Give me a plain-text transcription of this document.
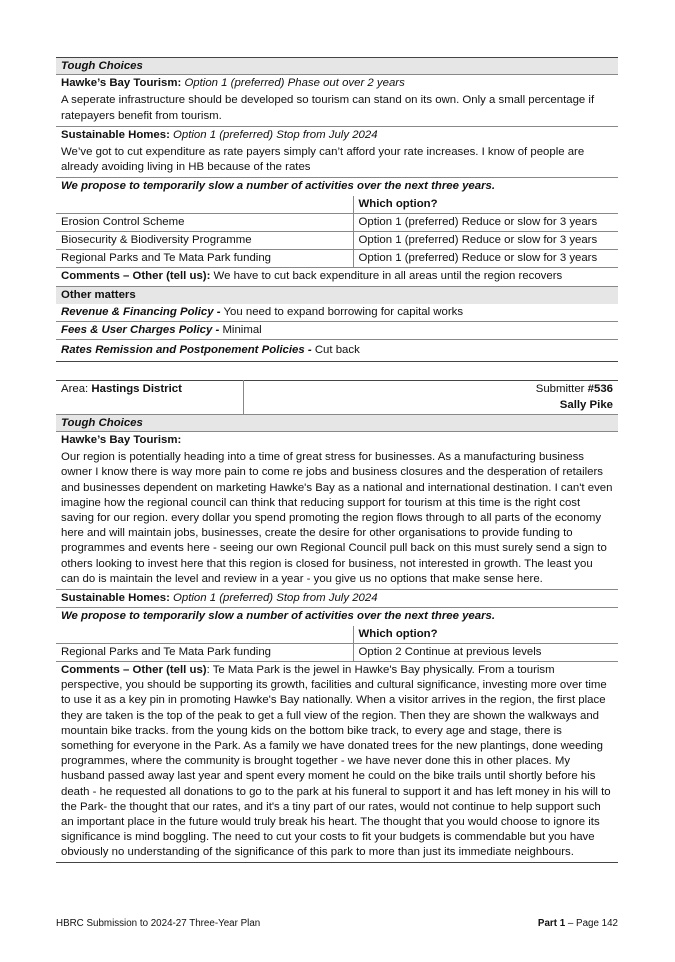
Tough Choices	
Hawke’s Bay Tourism: Option 1 (preferred) Phase out over 2 years	
A seperate infrastructure should be developed so tourism can stand on its own. Only a small percentage if ratepayers benefit from tourism.	
Sustainable Homes: Option 1 (preferred) Stop from July 2024	
We’ve got to cut expenditure as rate payers simply can’t afford your rate increases. I know of people are already avoiding living in HB because of the rates	
We propose to temporarily slow a number of activities over the next three years.	
	Which option?
Erosion Control Scheme	Option 1 (preferred) Reduce or slow for 3 years
Biosecurity & Biodiversity Programme	Option 1 (preferred) Reduce or slow for 3 years
Regional Parks and Te Mata Park funding	Option 1 (preferred) Reduce or slow for 3 years
Comments – Other (tell us): We have to cut back expenditure in all areas until the region recovers	
Other matters	
Revenue & Financing Policy - You need to expand borrowing for capital works	
Fees & User Charges Policy - Minimal	
Rates Remission and Postponement Policies - Cut back	
Area: Hastings District	Submitter #536
Sally Pike	
Tough Choices		
Hawke’s Bay Tourism:		
Our region is potentially heading into a time of great stress for businesses. As a manufacturing business owner I know there is way more pain to come re jobs and business closures and the desperation of retailers and businesses dependent on marketing Hawke's Bay as a national and international destination. I can't even imagine how the regional council can think that reducing support for tourism at this time is the right cost saving for our region. every dollar you spend promoting the region flows through to all parts of the economy here and will maintain jobs, businesses, create the desire for other organisations to provide funding to programmes and events here - seeing our own Regional Council pull back on this must surely send a sign to others looking to invest here that this region is closed for business, not interested in growth. The least you can do is maintain the level and review in a year - you give us no options that make sense here.		
Sustainable Homes: Option 1 (preferred) Stop from July 2024		
We propose to temporarily slow a number of activities over the next three years.		
		Which option?
Regional Parks and Te Mata Park funding		Option 2 Continue at previous levels
Comments – Other (tell us): Te Mata Park is the jewel in Hawke's Bay physically. From a tourism perspective, you should be supporting its growth, facilities and cultural significance, investing more over time to use it as a key pin in promoting Hawke's Bay nationally. When a visitor arrives in the region, the first place they are taken is the top of the peak to get a full view of the region. Then they are shown the walkways and mountain bike tracks. from the young kids on the bottom bike track, to every age and stage, there is something for everyone in the Park. As a family we have donated trees for the new plantings, done weeding programmes, where the community is brought together - we have never done this in other places. My husband passed away last year and spent every moment he could on the bike trails until shortly before his death - he requested all donations to go to the park at his funeral to support it and has left money in his will to the Park- the thought that our rates, and it's a tiny part of our rates, would not continue to help support such an important place in the future would truly break his heart. The thought that you would choose to ignore its significance is mind boggling. The need to cut your costs to fit your budgets is commendable but you have obviously no understanding of the significance of this park to more than just its immediate neighbours.		
HBRC Submission to 2024-27 Three-Year Plan	Part 1 – Page 142
